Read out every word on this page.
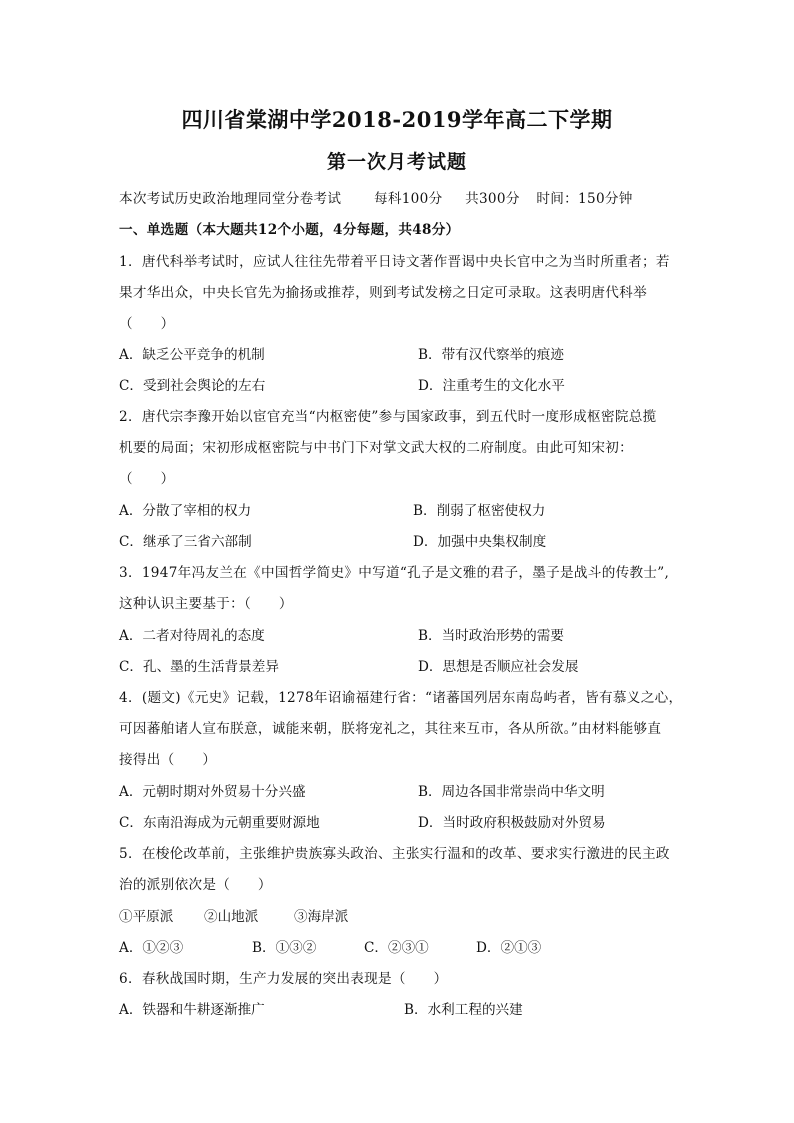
四川省棠湖中学2018-2019学年高二下学期
第一次月考试题
本次考试历史政治地理同堂分卷考试 每科100分 共300分 时间：150分钟
一、单选题（本大题共12个小题，4分每题，共48分）
1．唐代科举考试时，应试人往往先带着平日诗文著作晋谒中央长官中之为当时所重者；若
果才华出众，中央长官先为揄扬或推荐，则到考试发榜之日定可录取。这表明唐代科举
（　　）
A．缺乏公平竞争的机制	B．带有汉代察举的痕迹
C．受到社会舆论的左右	D．注重考生的文化水平
2．唐代宗李豫开始以宦官充当“内枢密使”参与国家政事，到五代时一度形成枢密院总揽
机要的局面；宋初形成枢密院与中书门下对掌文武大权的二府制度。由此可知宋初：
（　　）
A．分散了宰相的权力	B．削弱了枢密使权力
C．继承了三省六部制	D．加强中央集权制度
3．1947年冯友兰在《中国哲学简史》中写道“孔子是文雅的君子，墨子是战斗的传教士”,
这种认识主要基于：（　　）
A．二者对待周礼的态度	B．当时政治形势的需要
C．孔、墨的生活背景差异	D．思想是否顺应社会发展
4．(题文)《元史》记载，1278年诏谕福建行省：“诸蕃国列居东南岛屿者，皆有慕义之心，
可因蕃舶诸人宣布朕意，诚能来朝，朕将宠礼之，其往来互市，各从所欲。”由材料能够直
接得出（　　）
A．元朝时期对外贸易十分兴盛	B．周边各国非常崇尚中华文明
C．东南沿海成为元朝重要财源地	D．当时政府积极鼓励对外贸易
5．在梭伦改革前，主张维护贵族寡头政治、主张实行温和的改革、要求实行激进的民主政
治的派别依次是（　　）
①平原派 ②山地派	③海岸派
A．①②③	B．①③②	C．②③①	D．②①③
6．春秋战国时期，生产力发展的突出表现是（　　）
A．铁器和牛耕逐渐推广	B．水利工程的兴建
